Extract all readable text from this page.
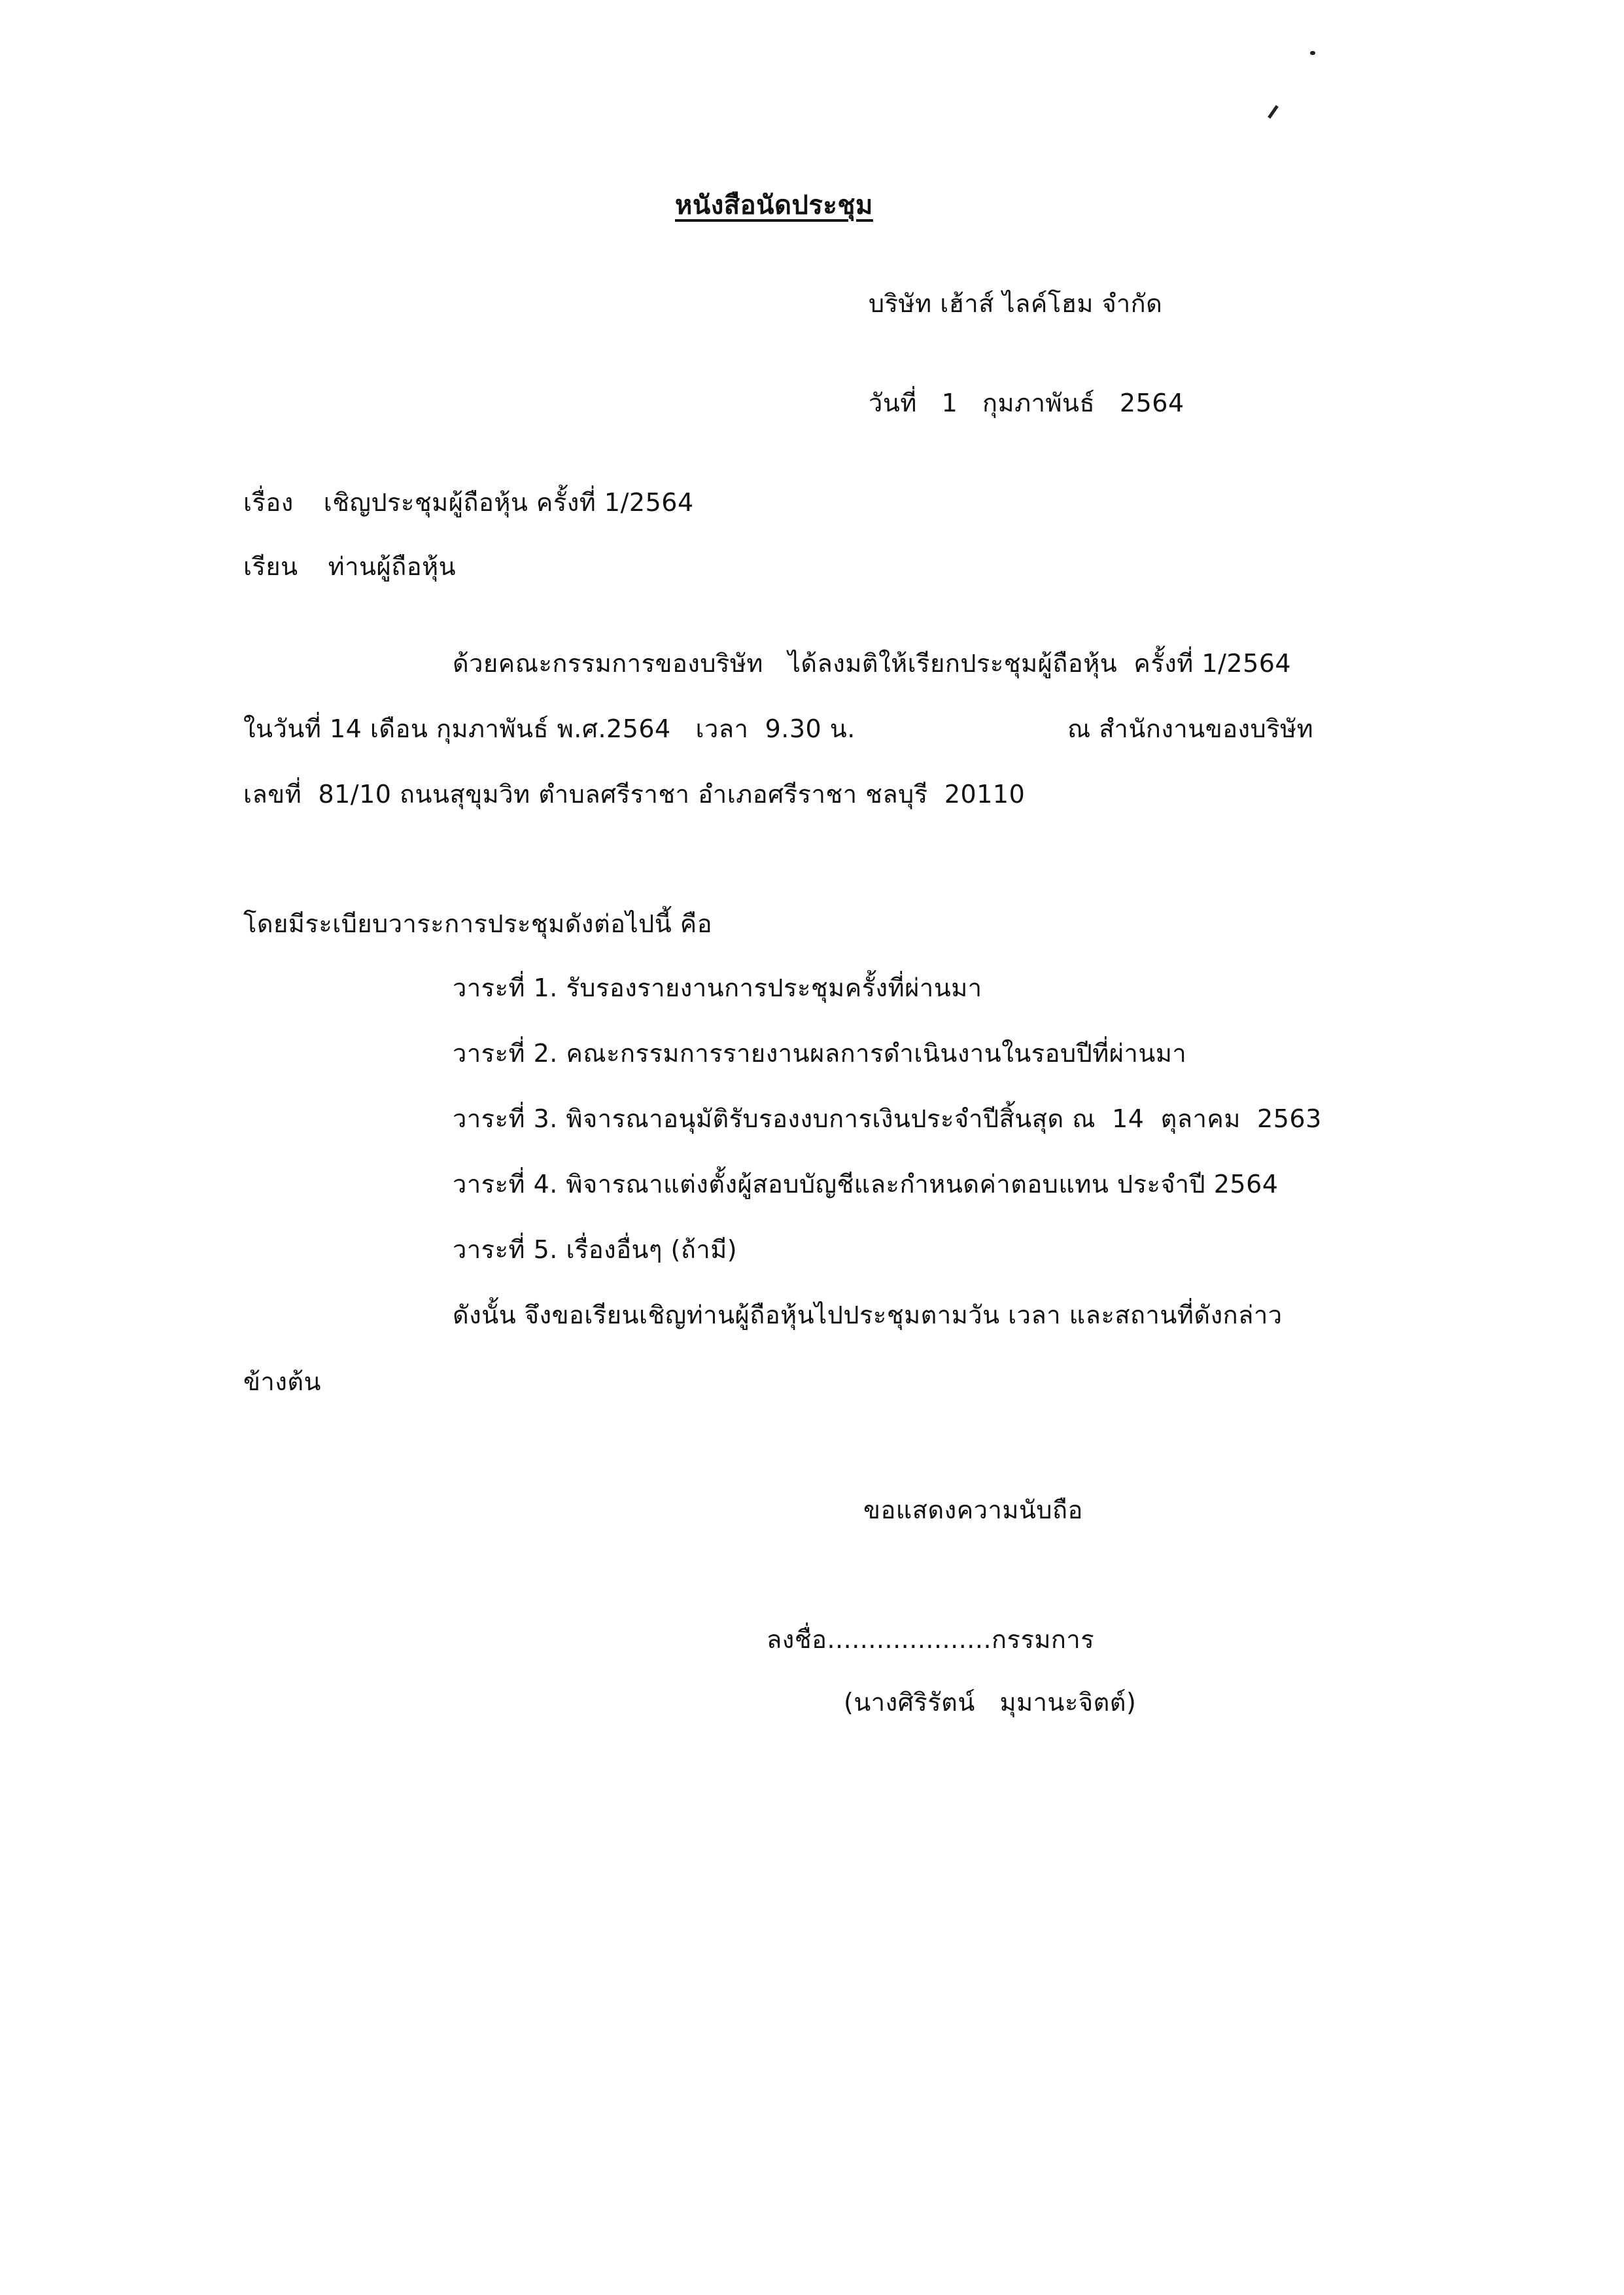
หนังสือนัดประชุม
บริษัท เฮ้าส์ ไลค์โฮม จำกัด
วันที่   1   กุมภาพันธ์   2564
เรื่อง เชิญประชุมผู้ถือหุ้น ครั้งที่ 1/2564
เรียน ท่านผู้ถือหุ้น
ด้วยคณะกรรมการของบริษัท   ได้ลงมติให้เรียกประชุมผู้ถือหุ้น  ครั้งที่ 1/2564
ในวันที่ 14 เดือน กุมภาพันธ์ พ.ศ.2564   เวลา  9.30 น.	ณ สำนักงานของบริษัท
เลขที่  81/10 ถนนสุขุมวิท ตำบลศรีราชา อำเภอศรีราชา ชลบุรี  20110
โดยมีระเบียบวาระการประชุมดังต่อไปนี้ คือ
วาระที่ 1. รับรองรายงานการประชุมครั้งที่ผ่านมา
วาระที่ 2. คณะกรรมการรายงานผลการดำเนินงานในรอบปีที่ผ่านมา
วาระที่ 3. พิจารณาอนุมัติรับรองงบการเงินประจำปีสิ้นสุด ณ  14  ตุลาคม  2563
วาระที่ 4. พิจารณาแต่งตั้งผู้สอบบัญชีและกำหนดค่าตอบแทน ประจำปี 2564
วาระที่ 5. เรื่องอื่นๆ (ถ้ามี)
ดังนั้น จึงขอเรียนเชิญท่านผู้ถือหุ้นไปประชุมตามวัน เวลา และสถานที่ดังกล่าว
ข้างต้น
ขอแสดงความนับถือ
ลงชื่อ....................กรรมการ
(นางศิริรัตน์   มุมานะจิตต์)
